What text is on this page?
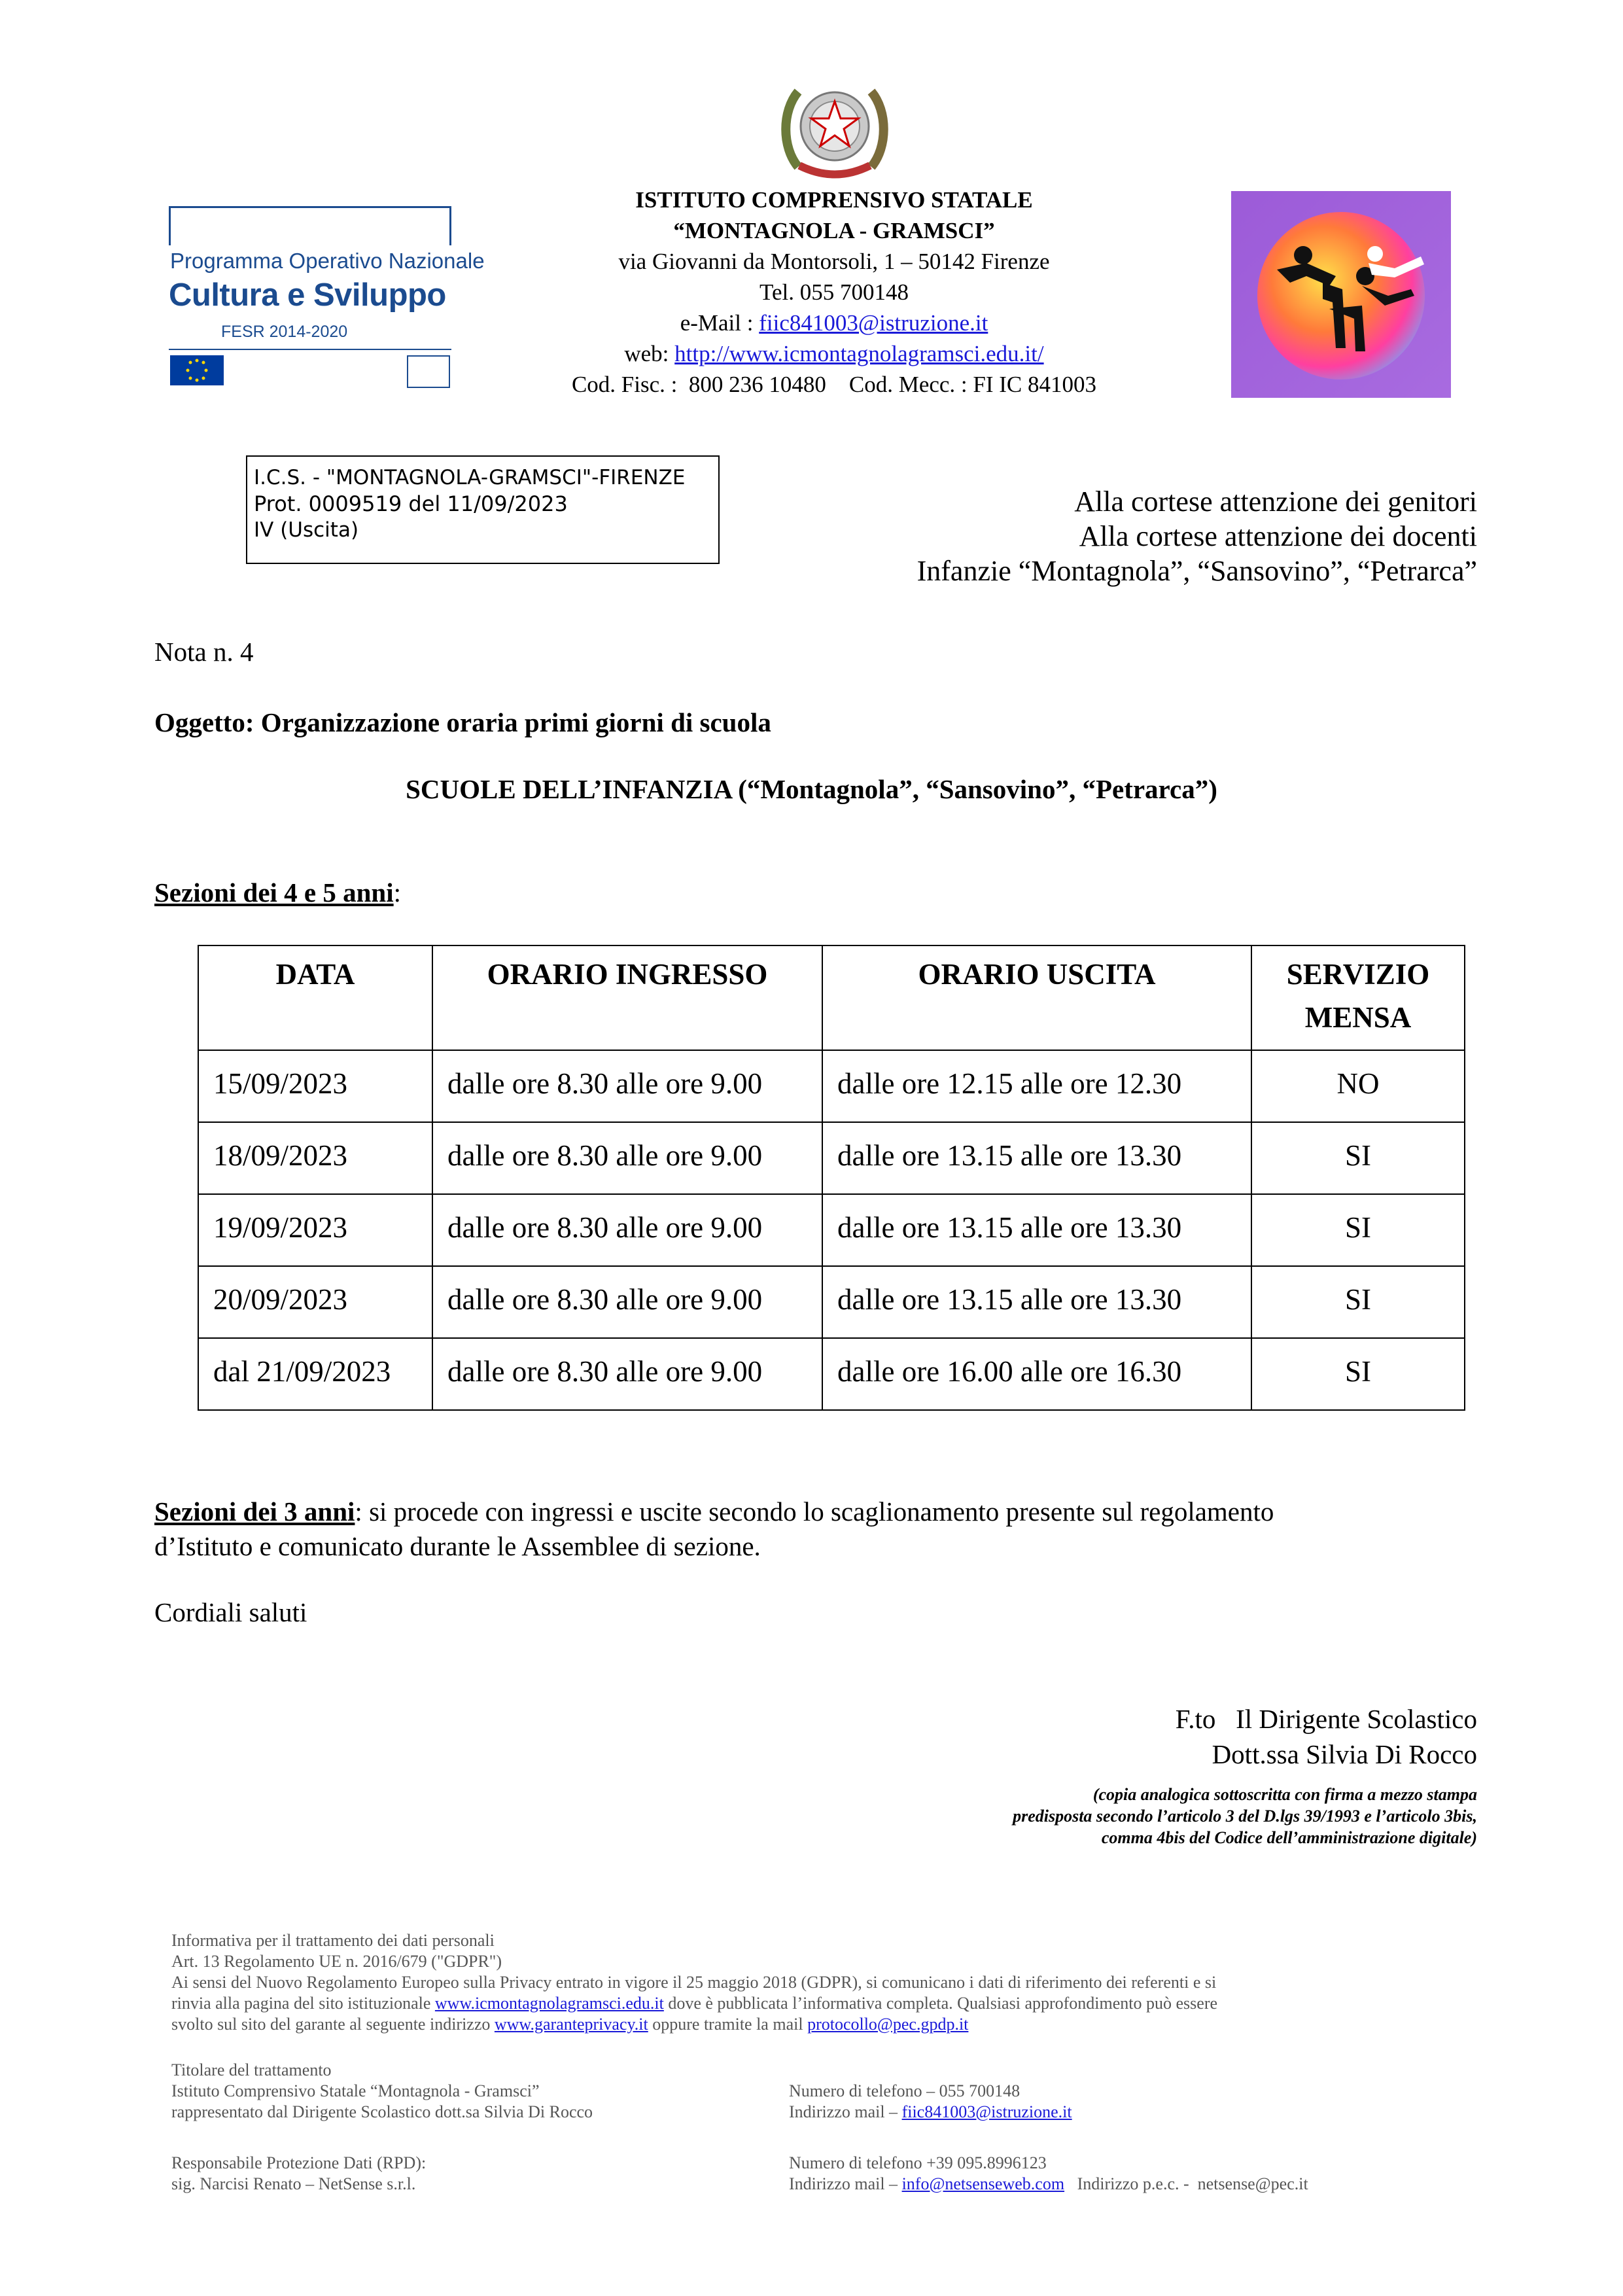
Programma Operativo Nazionale
Cultura e Sviluppo
FESR 2014-2020
ISTITUTO COMPRENSIVO STATALE
“MONTAGNOLA - GRAMSCI”
via Giovanni da Montorsoli, 1 – 50142 Firenze
Tel. 055 700148
e-Mail : fiic841003@istruzione.it
web: http://www.icmontagnolagramsci.edu.it/
Cod. Fisc. :  800 236 10480    Cod. Mecc. : FI IC 841003
I.C.S. - "MONTAGNOLA-GRAMSCI"-FIRENZE
Prot. 0009519 del 11/09/2023
IV (Uscita)
Alla cortese attenzione dei genitori
Alla cortese attenzione dei docenti
Infanzie “Montagnola”, “Sansovino”, “Petrarca”
Nota n. 4
Oggetto: Organizzazione oraria primi giorni di scuola
SCUOLE DELL’INFANZIA (“Montagnola”, “Sansovino”, “Petrarca”)
Sezioni dei 4 e 5 anni:
DATA	ORARIO INGRESSO	ORARIO USCITA	SERVIZIO
MENSA
15/09/2023	dalle ore 8.30 alle ore 9.00	dalle ore 12.15 alle ore 12.30	NO
18/09/2023	dalle ore 8.30 alle ore 9.00	dalle ore 13.15 alle ore 13.30	SI
19/09/2023	dalle ore 8.30 alle ore 9.00	dalle ore 13.15 alle ore 13.30	SI
20/09/2023	dalle ore 8.30 alle ore 9.00	dalle ore 13.15 alle ore 13.30	SI
dal 21/09/2023	dalle ore 8.30 alle ore 9.00	dalle ore 16.00 alle ore 16.30	SI
Sezioni dei 3 anni: si procede con ingressi e uscite secondo lo scaglionamento presente sul regolamento
d’Istituto e comunicato durante le Assemblee di sezione.
Cordiali saluti
F.to   Il Dirigente Scolastico
Dott.ssa Silvia Di Rocco
(copia analogica sottoscritta con firma a mezzo stampa
predisposta secondo l’articolo 3 del D.lgs 39/1993 e l’articolo 3bis,
comma 4bis del Codice dell’amministrazione digitale)
Informativa per il trattamento dei dati personali
Art. 13 Regolamento UE n. 2016/679 ("GDPR")
Ai sensi del Nuovo Regolamento Europeo sulla Privacy entrato in vigore il 25 maggio 2018 (GDPR), si comunicano i dati di riferimento dei referenti e si
rinvia alla pagina del sito istituzionale www.icmontagnolagramsci.edu.it dove è pubblicata l’informativa completa. Qualsiasi approfondimento può essere
svolto sul sito del garante al seguente indirizzo www.garanteprivacy.it oppure tramite la mail protocollo@pec.gpdp.it
Titolare del trattamento
Istituto Comprensivo Statale “Montagnola - Gramsci”
rappresentato dal Dirigente Scolastico dott.sa Silvia Di Rocco
Numero di telefono – 055 700148
Indirizzo mail – fiic841003@istruzione.it
Responsabile Protezione Dati (RPD):
sig. Narcisi Renato – NetSense s.r.l.
Numero di telefono +39 095.8996123
Indirizzo mail – info@netsenseweb.com   Indirizzo p.e.c. -  netsense@pec.it
